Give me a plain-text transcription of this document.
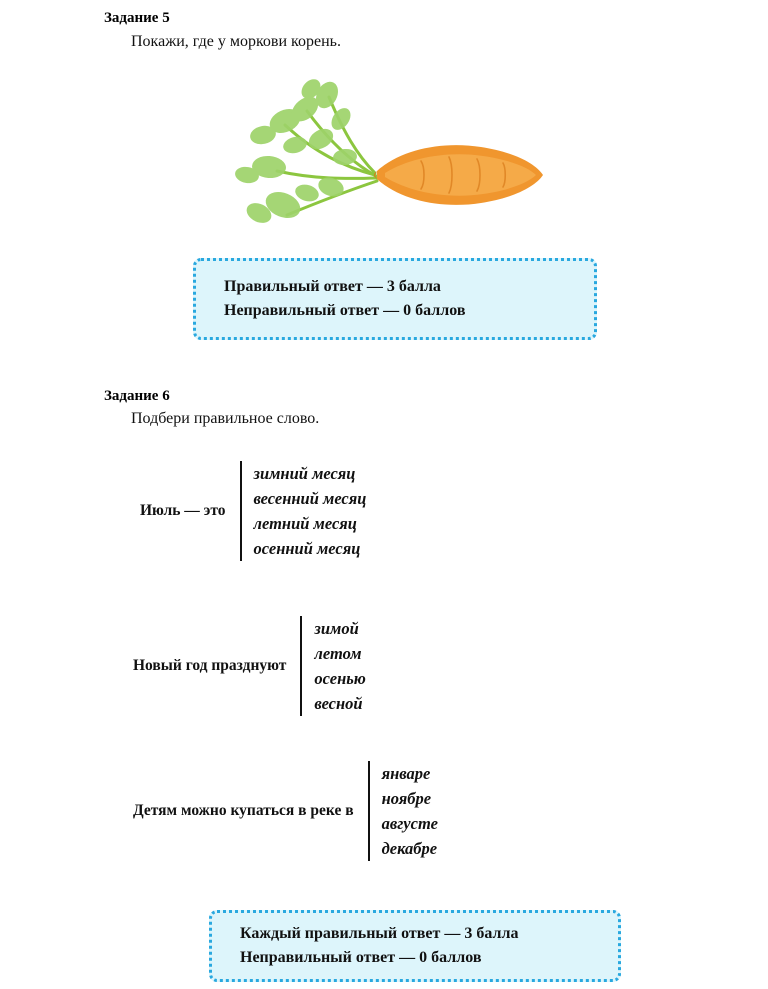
Задание 5
Покажи, где у моркови корень.
Правильный ответ — 3 балла
Неправильный ответ — 0 баллов
Задание 6
Подбери правильное слово.
Июль — это
зимний месяц
весенний месяц
летний месяц
осенний месяц
Новый год празднуют
зимой
летом
осенью
весной
Детям можно купаться в реке в
январе
ноябре
августе
декабре
Каждый правильный ответ — 3 балла
Неправильный ответ — 0 баллов
